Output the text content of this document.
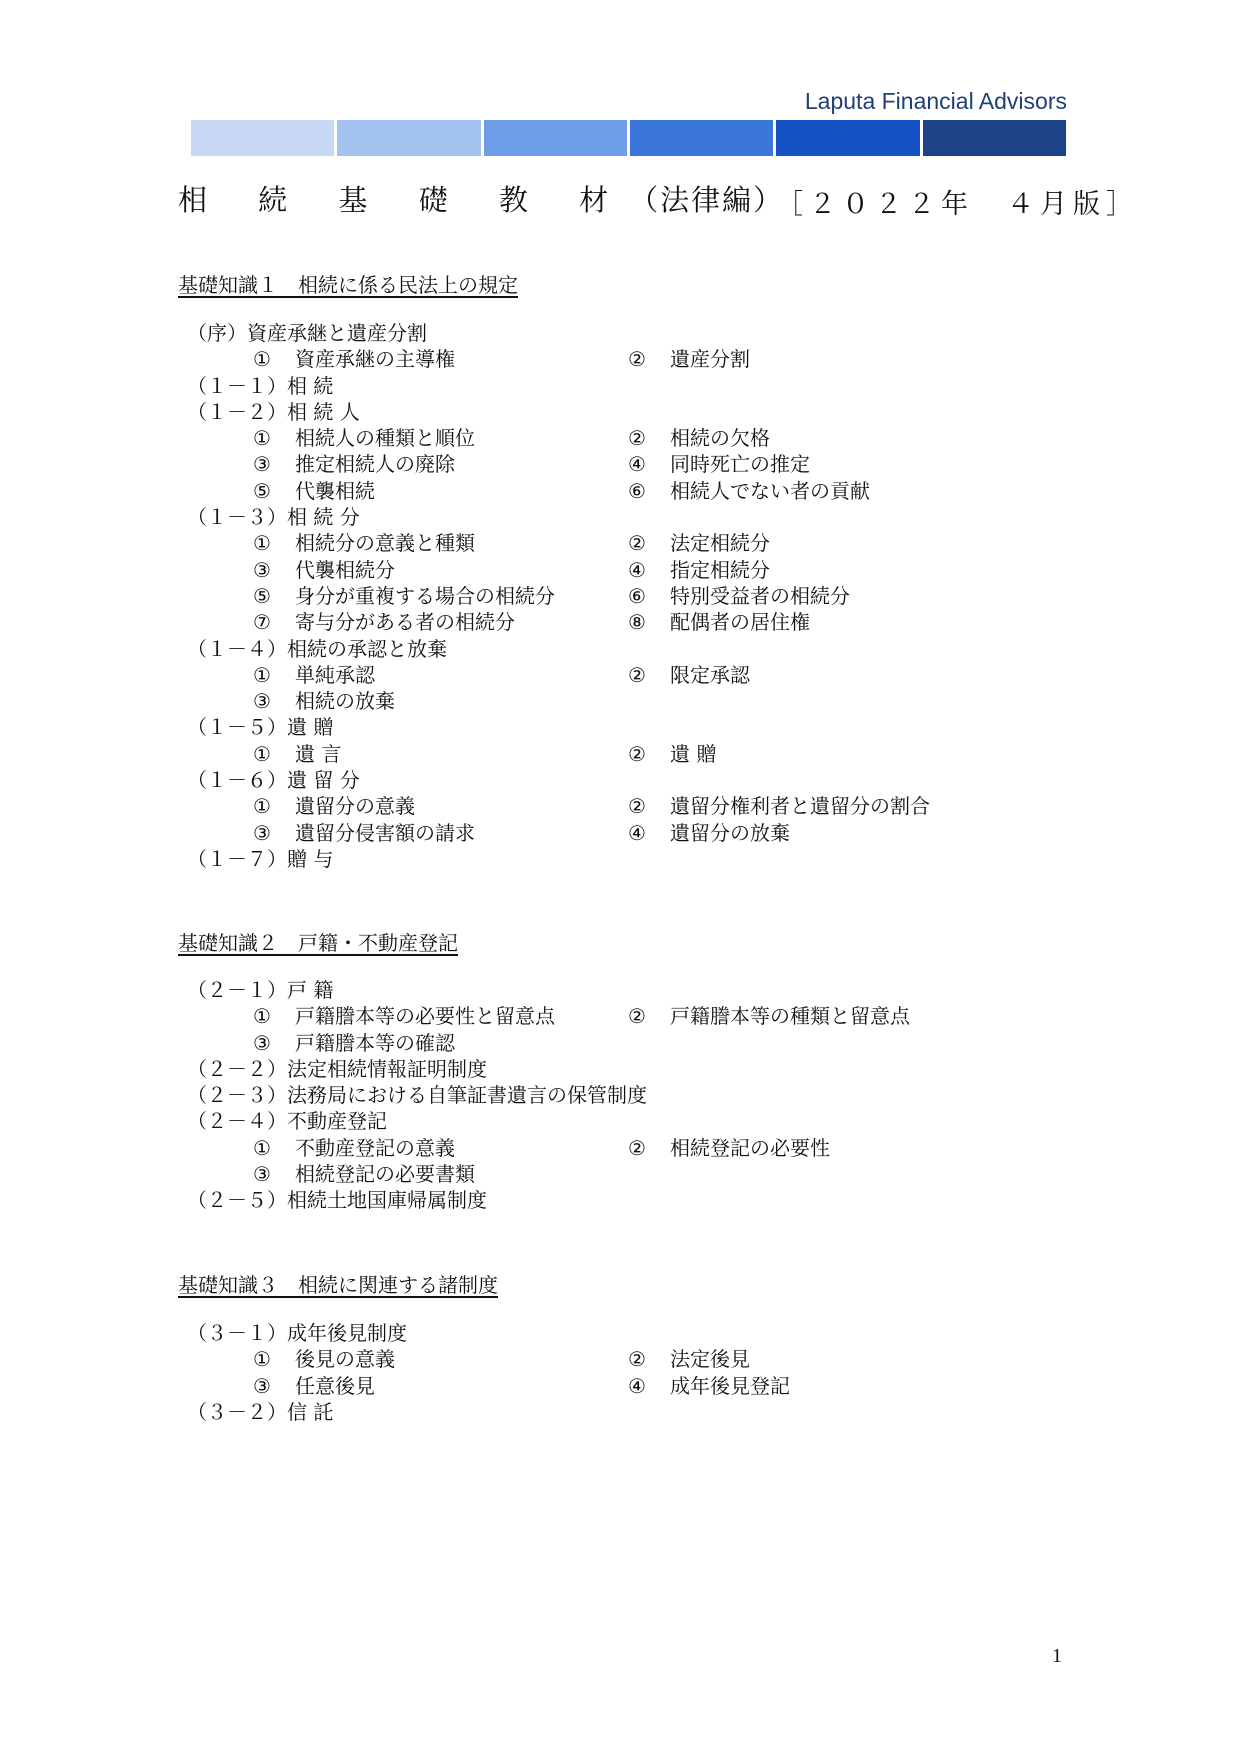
Laputa Financial Advisors
相 続 基 礎 教 材（法律編）
［２０２２年　４月版］
基礎知識１　相続に係る民法上の規定
（序）資産承継と遺産分割
① 資産承継の主導権	② 遺産分割
（１－１）相 続
（１－２）相 続 人
① 相続人の種類と順位	② 相続の欠格
③ 推定相続人の廃除	④ 同時死亡の推定
⑤ 代襲相続	⑥ 相続人でない者の貢献
（１－３）相 続 分
① 相続分の意義と種類	② 法定相続分
③ 代襲相続分	④ 指定相続分
⑤ 身分が重複する場合の相続分	⑥ 特別受益者の相続分
⑦ 寄与分がある者の相続分	⑧ 配偶者の居住権
（１－４）相続の承認と放棄
① 単純承認	② 限定承認
③ 相続の放棄
（１－５）遺 贈
① 遺 言	② 遺 贈
（１－６）遺 留 分
① 遺留分の意義	② 遺留分権利者と遺留分の割合
③ 遺留分侵害額の請求	④ 遺留分の放棄
（１－７）贈 与
基礎知識２　戸籍・不動産登記
（２－１）戸 籍
① 戸籍謄本等の必要性と留意点	② 戸籍謄本等の種類と留意点
③ 戸籍謄本等の確認
（２－２）法定相続情報証明制度
（２－３）法務局における自筆証書遺言の保管制度
（２－４）不動産登記
① 不動産登記の意義	② 相続登記の必要性
③ 相続登記の必要書類
（２－５）相続土地国庫帰属制度
基礎知識３　相続に関連する諸制度
（３－１）成年後見制度
① 後見の意義	② 法定後見
③ 任意後見	④ 成年後見登記
（３－２）信 託
1
